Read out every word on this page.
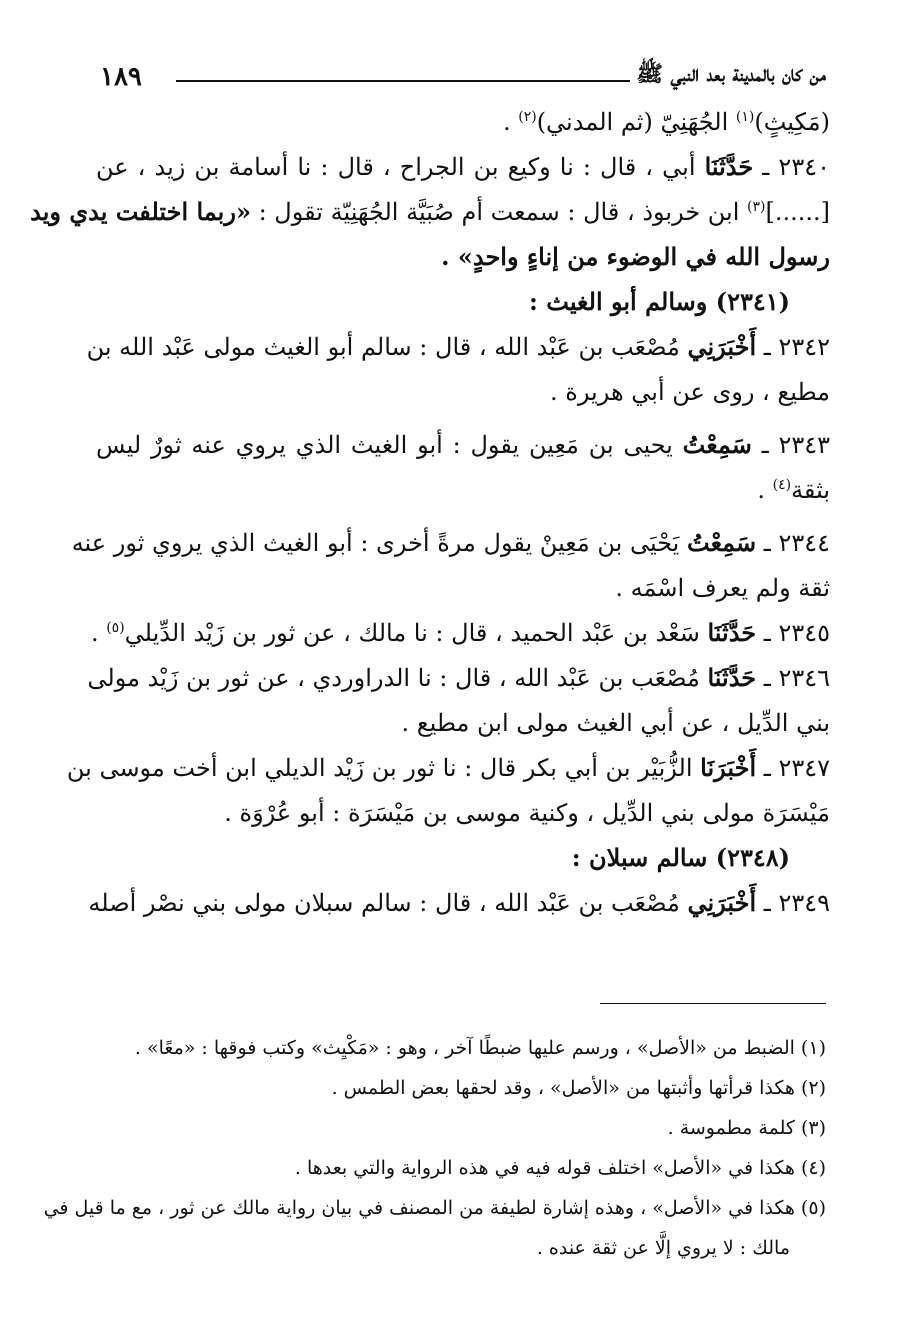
من كان بالمدينة بعد النبي ﷺ
١٨٩
(مَكِيثٍ)$^{(١)}$ الجُهَنِيّ (ثم المدني)$^{(٢)}$ .
٢٣٤٠ ـ حَدَّثَنَا أبي ، قال : نا وكيع بن الجراح ، قال : نا أسامة بن زيد ، عن
[......]$^{(٣)}$ ابن خربوذ ، قال : سمعت أم صُبَيَّة الجُهَنِيّة تقول : «ربما اختلفت يدي ويد
رسول الله في الوضوء من إناءٍ واحدٍ» .
(٢٣٤١) وسالم أبو الغيث :
٢٣٤٢ ـ أَخْبَرَنِي مُصْعَب بن عَبْد الله ، قال : سالم أبو الغيث مولى عَبْد الله بن
مطيع ، روى عن أبي هريرة .
٢٣٤٣ ـ سَمِعْتُ يحيى بن مَعِين يقول : أبو الغيث الذي يروي عنه ثورٌ ليس
بثقة$^{(٤)}$ .
٢٣٤٤ ـ سَمِعْتُ يَحْيَى بن مَعِينْ يقول مرةً أخرى : أبو الغيث الذي يروي ثور عنه
ثقة ولم يعرف اسْمَه .
٢٣٤٥ ـ حَدَّثَنَا سَعْد بن عَبْد الحميد ، قال : نا مالك ، عن ثور بن زَيْد الدِّيلي$^{(٥)}$ .
٢٣٤٦ ـ حَدَّثَنَا مُصْعَب بن عَبْد الله ، قال : نا الدراوردي ، عن ثور بن زَيْد مولى
بني الدِّيل ، عن أبي الغيث مولى ابن مطيع .
٢٣٤٧ ـ أَخْبَرَنَا الزُّبَيْر بن أبي بكر قال : نا ثور بن زَيْد الديلي ابن أخت موسى بن
مَيْسَرَة مولى بني الدِّيل ، وكنية موسى بن مَيْسَرَة : أبو عُرْوَة .
(٢٣٤٨) سالم سبلان :
٢٣٤٩ ـ أَخْبَرَنِي مُصْعَب بن عَبْد الله ، قال : سالم سبلان مولى بني نصْر أصله
(١) الضبط من «الأصل» ، ورسم عليها ضبطًا آخر ، وهو : «مَكْيِث» وكتب فوقها : «معًا» .
(٢) هكذا قرأتها وأثبتها من «الأصل» ، وقد لحقها بعض الطمس .
(٣) كلمة مطموسة .
(٤) هكذا في «الأصل» اختلف قوله فيه في هذه الرواية والتي بعدها .
(٥) هكذا في «الأصل» ، وهذه إشارة لطيفة من المصنف في بيان رواية مالك عن ثور ، مع ما قيل في
مالك : لا يروي إلَّا عن ثقة عنده .
